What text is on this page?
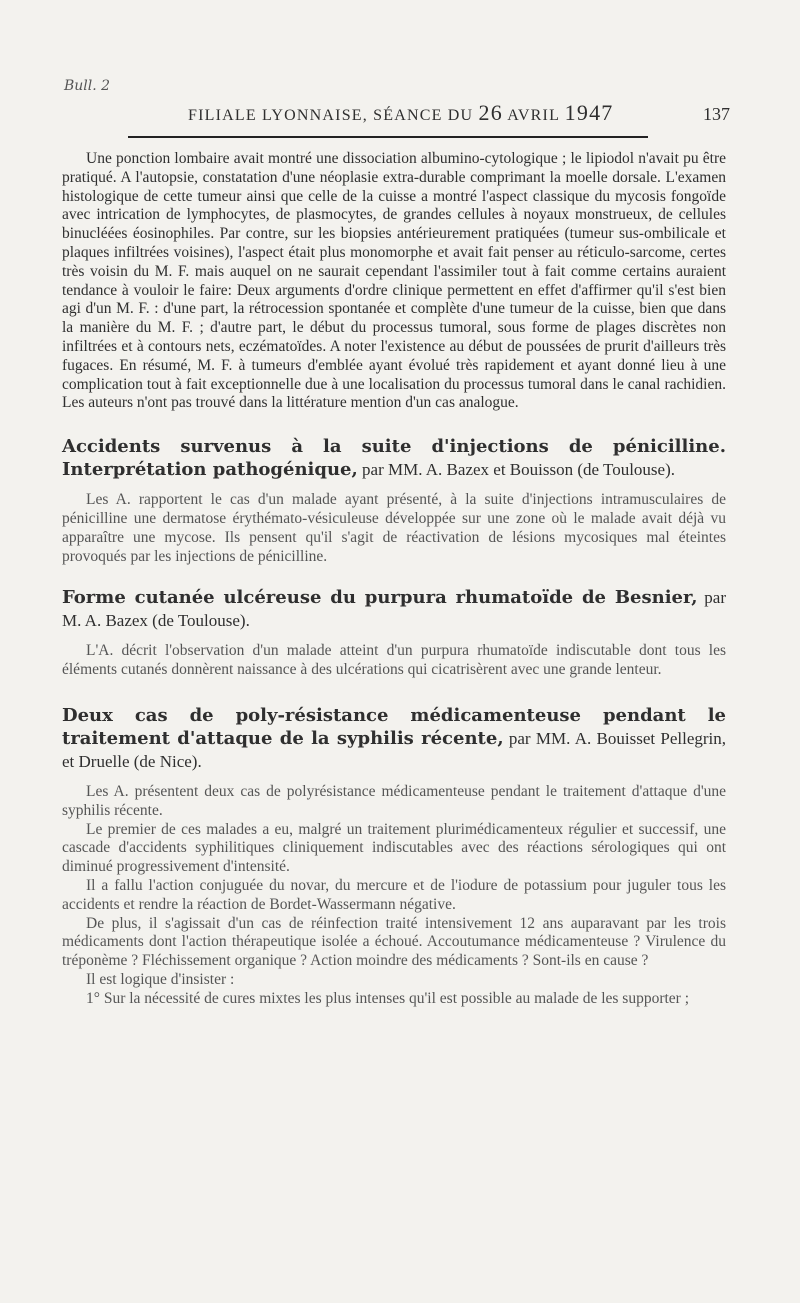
Bull. 2
FILIALE LYONNAISE, SÉANCE DU 26 AVRIL 1947	137

Une ponction lombaire avait montré une dissociation albumino-cytologique ; le lipiodol n'avait pu être pratiqué. A l'autopsie, constatation d'une néoplasie extra-durable comprimant la moelle dorsale. L'examen histologique de cette tumeur ainsi que celle de la cuisse a montré l'aspect classique du mycosis fongoïde avec intrication de lymphocytes, de plasmocytes, de grandes cellules à noyaux monstrueux, de cellules binucléées éosinophiles. Par contre, sur les biopsies antérieurement pratiquées (tumeur sus-ombilicale et plaques infiltrées voisines), l'aspect était plus monomorphe et avait fait penser au réticulo-sarcome, certes très voisin du M. F. mais auquel on ne saurait cependant l'assimiler tout à fait comme certains auraient tendance à vouloir le faire: Deux arguments d'ordre clinique permettent en effet d'affirmer qu'il s'est bien agi d'un M. F. : d'une part, la rétrocession spontanée et complète d'une tumeur de la cuisse, bien que dans la manière du M. F. ; d'autre part, le début du processus tumoral, sous forme de plages discrètes non infiltrées et à contours nets, eczématoïdes. A noter l'existence au début de poussées de prurit d'ailleurs très fugaces. En résumé, M. F. à tumeurs d'emblée ayant évolué très rapidement et ayant donné lieu à une complication tout à fait exceptionnelle due à une localisation du processus tumoral dans le canal rachidien. Les auteurs n'ont pas trouvé dans la littérature mention d'un cas analogue.

Accidents survenus à la suite d'injections de pénicilline. Interprétation pathogénique, par MM. A. Bazex et Bouisson (de Toulouse).

Les A. rapportent le cas d'un malade ayant présenté, à la suite d'injections intramusculaires de pénicilline une dermatose érythémato-vésiculeuse développée sur une zone où le malade avait déjà vu apparaître une mycose. Ils pensent qu'il s'agit de réactivation de lésions mycosiques mal éteintes provoqués par les injections de pénicilline.

Forme cutanée ulcéreuse du purpura rhumatoïde de Besnier, par M. A. Bazex (de Toulouse).

L'A. décrit l'observation d'un malade atteint d'un purpura rhumatoïde indiscutable dont tous les éléments cutanés donnèrent naissance à des ulcérations qui cicatrisèrent avec une grande lenteur.

Deux cas de poly-résistance médicamenteuse pendant le traitement d'attaque de la syphilis récente, par MM. A. Bouisset Pellegrin, et Druelle (de Nice).

Les A. présentent deux cas de polyrésistance médicamenteuse pendant le traitement d'attaque d'une syphilis récente.

Le premier de ces malades a eu, malgré un traitement plurimédicamenteux régulier et successif, une cascade d'accidents syphilitiques cliniquement indiscutables avec des réactions sérologiques qui ont diminué progressivement d'intensité.

Il a fallu l'action conjuguée du novar, du mercure et de l'iodure de potassium pour juguler tous les accidents et rendre la réaction de Bordet-Wassermann négative.

De plus, il s'agissait d'un cas de réinfection traité intensivement 12 ans auparavant par les trois médicaments dont l'action thérapeutique isolée a échoué. Accoutumance médicamenteuse ? Virulence du tréponème ? Fléchissement organique ? Action moindre des médicaments ? Sont-ils en cause ?

Il est logique d'insister :

1° Sur la nécessité de cures mixtes les plus intenses qu'il est possible au malade de les supporter ;
